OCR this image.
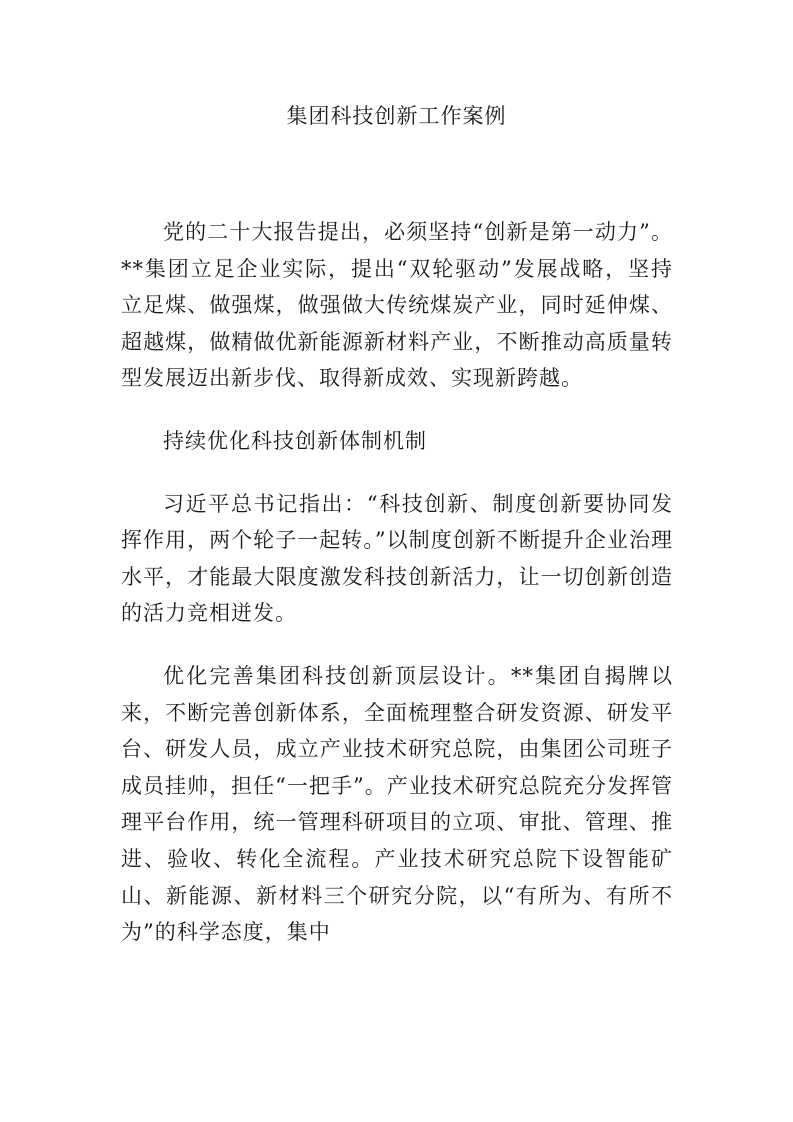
集团科技创新工作案例

党的二十大报告提出，必须坚持“创新是第一动力”。**集团立足企业实际，提出“双轮驱动”发展战略，坚持立足煤、做强煤，做强做大传统煤炭产业，同时延伸煤、超越煤，做精做优新能源新材料产业，不断推动高质量转型发展迈出新步伐、取得新成效、实现新跨越。

持续优化科技创新体制机制

习近平总书记指出：“科技创新、制度创新要协同发挥作用，两个轮子一起转。”以制度创新不断提升企业治理水平，才能最大限度激发科技创新活力，让一切创新创造的活力竞相迸发。

优化完善集团科技创新顶层设计。**集团自揭牌以来，不断完善创新体系，全面梳理整合研发资源、研发平台、研发人员，成立产业技术研究总院，由集团公司班子成员挂帅，担任“一把手”。产业技术研究总院充分发挥管理平台作用，统一管理科研项目的立项、审批、管理、推进、验收、转化全流程。产业技术研究总院下设智能矿山、新能源、新材料三个研究分院，以“有所为、有所不为”的科学态度，集中
